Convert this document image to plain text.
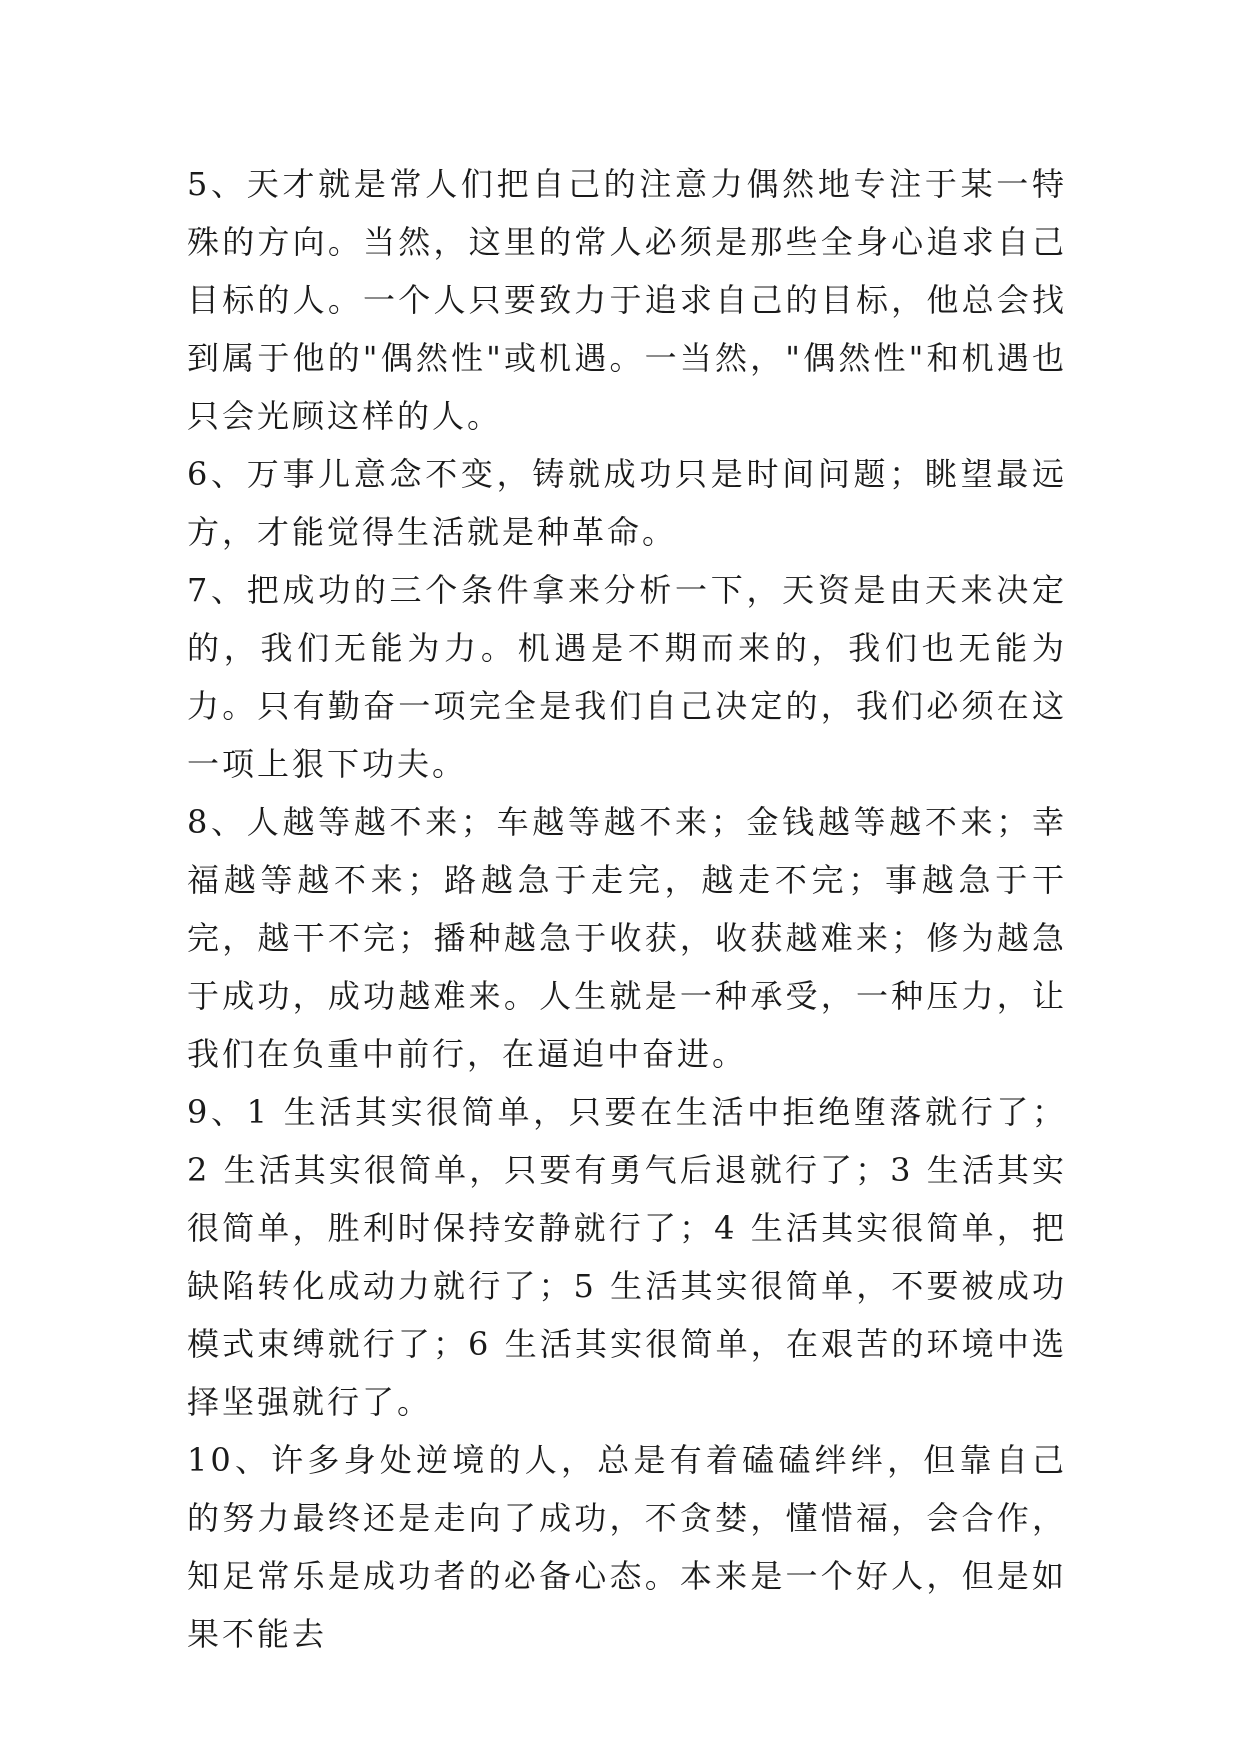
5、天才就是常人们把自己的注意力偶然地专注于某一特殊的方向。当然，这里的常人必须是那些全身心追求自己目标的人。一个人只要致力于追求自己的目标，他总会找到属于他的"偶然性"或机遇。一当然，"偶然性"和机遇也只会光顾这样的人。

6、万事儿意念不变，铸就成功只是时间问题；眺望最远方，才能觉得生活就是种革命。

7、把成功的三个条件拿来分析一下，天资是由天来决定的，我们无能为力。机遇是不期而来的，我们也无能为力。只有勤奋一项完全是我们自己决定的，我们必须在这一项上狠下功夫。

8、人越等越不来；车越等越不来；金钱越等越不来；幸福越等越不来；路越急于走完，越走不完；事越急于干完，越干不完；播种越急于收获，收获越难来；修为越急于成功，成功越难来。人生就是一种承受，一种压力，让我们在负重中前行，在逼迫中奋进。

9、1 生活其实很简单，只要在生活中拒绝堕落就行了；2 生活其实很简单，只要有勇气后退就行了；3 生活其实很简单，胜利时保持安静就行了；4 生活其实很简单，把缺陷转化成动力就行了；5 生活其实很简单，不要被成功模式束缚就行了；6 生活其实很简单，在艰苦的环境中选择坚强就行了。

10、许多身处逆境的人，总是有着磕磕绊绊，但靠自己的努力最终还是走向了成功，不贪婪，懂惜福，会合作，知足常乐是成功者的必备心态。本来是一个好人，但是如果不能去
